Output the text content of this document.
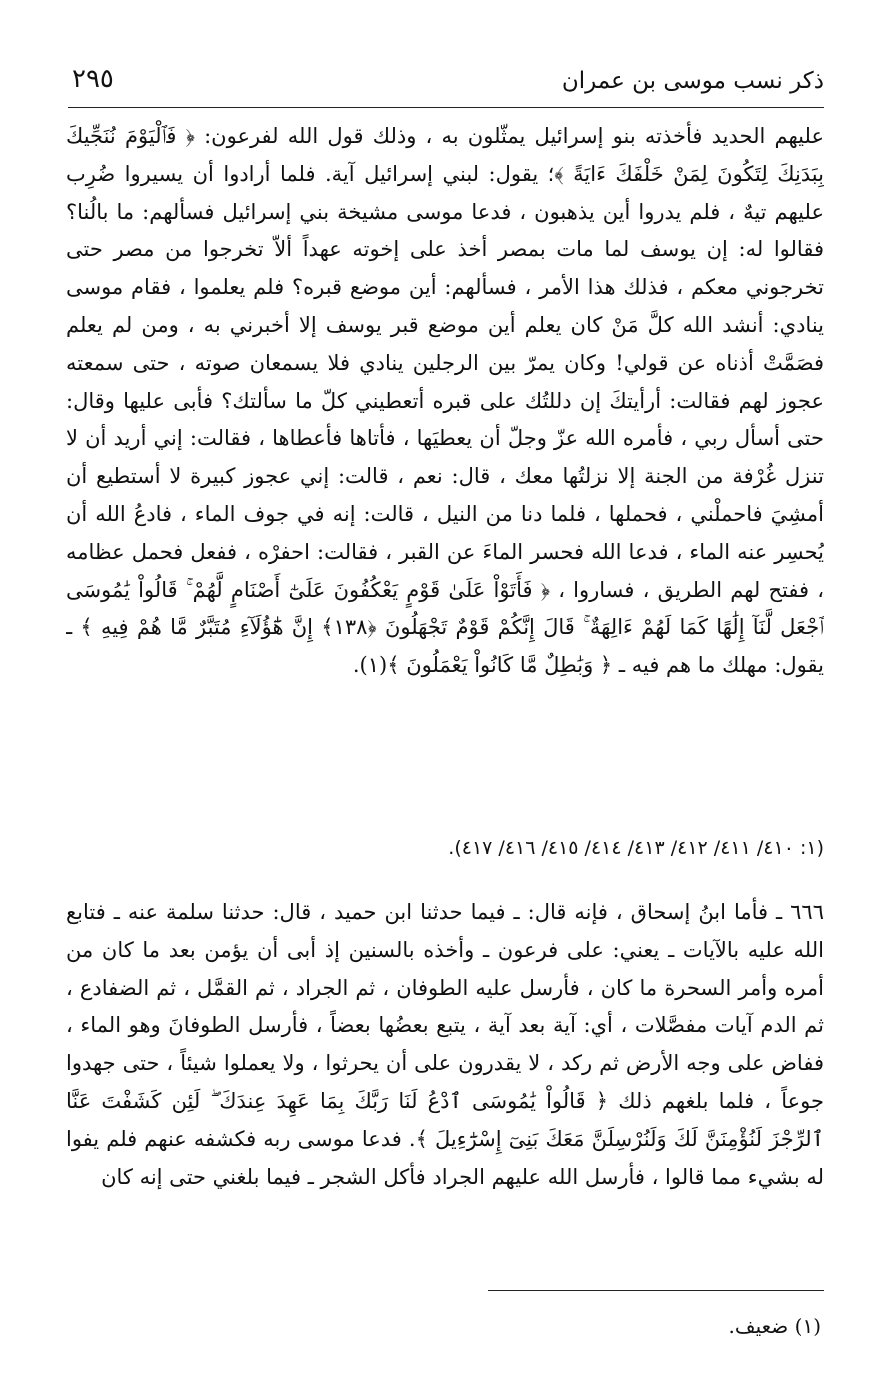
٢٩٥	ذكر نسب موسى بن عمران

عليهم الحديد فأخذته بنو إسرائيل يمثّلون به ، وذلك قول الله لفرعون: ﴿ فَٱلْيَوْمَ نُنَجِّيكَ بِبَدَنِكَ لِتَكُونَ لِمَنْ خَلْفَكَ ءَايَةً ﴾؛ يقول: لبني إسرائيل آية. فلما أرادوا أن يسيروا ضُرِب عليهم تيهٌ ، فلم يدروا أين يذهبون ، فدعا موسى مشيخة بني إسرائيل فسألهم: ما بالُنا؟ فقالوا له: إن يوسف لما مات بمصر أخذ على إخوته عهداً ألاّ تخرجوا من مصر حتى تخرجوني معكم ، فذلك هذا الأمر ، فسألهم: أين موضع قبره؟ فلم يعلموا ، فقام موسى ينادي: أنشد الله كلَّ مَنْ كان يعلم أين موضع قبر يوسف إلا أخبرني به ، ومن لم يعلم فصَمَّتْ أذناه عن قولي! وكان يمرّ بين الرجلين ينادي فلا يسمعان صوته ، حتى سمعته عجوز لهم فقالت: أرأيتكَ إن دللتُك على قبره أتعطيني كلّ ما سألتك؟ فأبى عليها وقال: حتى أسأل ربي ، فأمره الله عزّ وجلّ أن يعطيَها ، فأتاها فأعطاها ، فقالت: إني أريد أن لا تنزل غُرْفة من الجنة إلا نزلتُها معك ، قال: نعم ، قالت: إني عجوز كبيرة لا أستطيع أن أمشِيَ فاحملْني ، فحملها ، فلما دنا من النيل ، قالت: إنه في جوف الماء ، فادعُ الله أن يُحسِر عنه الماء ، فدعا الله فحسر الماءَ عن القبر ، فقالت: احفرْه ، ففعل فحمل عظامه ، ففتح لهم الطريق ، فساروا ، ﴿ فَأَتَوْاْ عَلَىٰ قَوْمٍ يَعْكُفُونَ عَلَىٰٓ أَصْنَامٍ لَّهُمْ ۚ قَالُواْ يَٰمُوسَى ٱجْعَل لَّنَآ إِلَٰهًا كَمَا لَهُمْ ءَالِهَةٌ ۚ قَالَ إِنَّكُمْ قَوْمٌ تَجْهَلُونَ ﴿١٣٨﴾ إِنَّ هَٰٓؤُلَآءِ مُتَبَّرٌ مَّا هُمْ فِيهِ ﴾ ـ يقول: مهلك ما هم فيه ـ ﴿ وَبَٰطِلٌ مَّا كَانُواْ يَعْمَلُونَ ﴾(١).

(١: ٤١٠/ ٤١١/ ٤١٢/ ٤١٣/ ٤١٤/ ٤١٥/ ٤١٦/ ٤١٧).

٦٦٦ ـ فأما ابنُ إسحاق ، فإنه قال: ـ فيما حدثنا ابن حميد ، قال: حدثنا سلمة عنه ـ فتابع الله عليه بالآيات ـ يعني: على فرعون ـ وأخذه بالسنين إذ أبى أن يؤمن بعد ما كان من أمره وأمر السحرة ما كان ، فأرسل عليه الطوفان ، ثم الجراد ، ثم القمَّل ، ثم الضفادع ، ثم الدم آيات مفصَّلات ، أي: آية بعد آية ، يتبع بعضُها بعضاً ، فأرسل الطوفانَ وهو الماء ، ففاض على وجه الأرض ثم ركد ، لا يقدرون على أن يحرثوا ، ولا يعملوا شيئاً ، حتى جهدوا جوعاً ، فلما بلغهم ذلك ﴿ قَالُواْ يَٰمُوسَى ٱدْعُ لَنَا رَبَّكَ بِمَا عَهِدَ عِندَكَ ۖ لَئِن كَشَفْتَ عَنَّا ٱلرِّجْزَ لَنُؤْمِنَنَّ لَكَ وَلَنُرْسِلَنَّ مَعَكَ بَنِىٓ إِسْرَٰٓءِيلَ ﴾. فدعا موسى ربه فكشفه عنهم فلم يفوا له بشيء مما قالوا ، فأرسل الله عليهم الجراد فأكل الشجر ـ فيما بلغني حتى إنه كان

(١) ضعيف.
